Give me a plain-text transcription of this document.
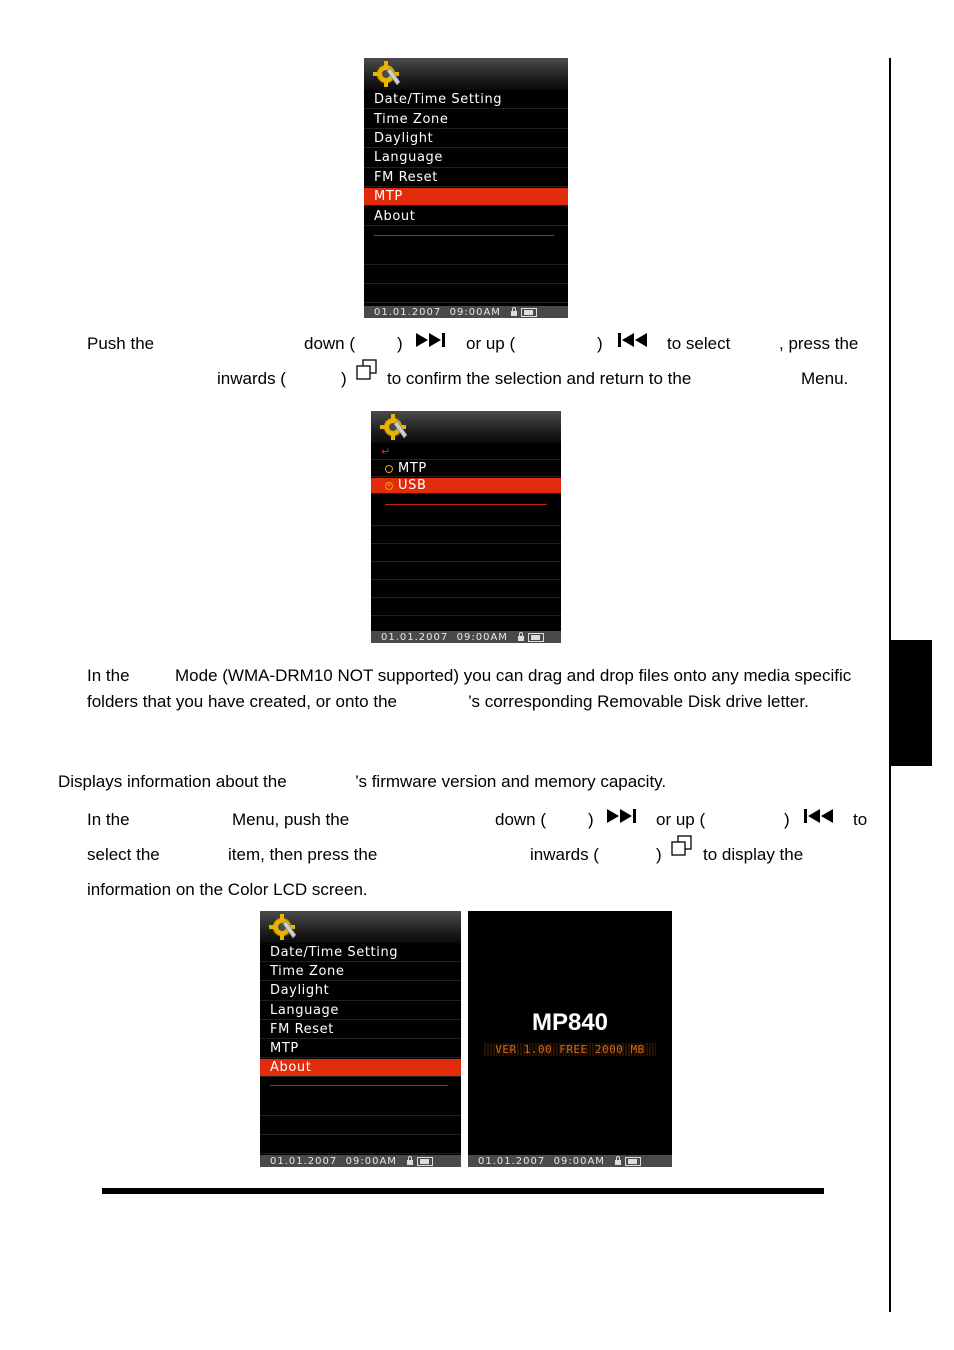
Date/Time Setting
Time Zone
Daylight
Language
FM Reset
MTP
About
01.01.2007
09:00AM
Push the	down ( )	or up (	)	to select	, press the
inwards (	) to confirm the selection and return to the	Menu.
↵
MTP
USB
01.01.2007
09:00AM
In the	Mode (WMA-DRM10 NOT supported) you can drag and drop files onto any media specific
folders that you have created, or onto the	’s corresponding Removable Disk drive letter.
Displays information about the	’s firmware version and memory capacity.
In the	Menu, push the	down ( )	or up (	)	to
select the	item, then press the	inwards (	) to display the
information on the Color LCD screen.
Date/Time Setting
Time Zone
Daylight
Language
FM Reset
MTP
About
01.01.2007
09:00AM
MP840
VER 1.00 FREE 2000 MB
01.01.2007
09:00AM
